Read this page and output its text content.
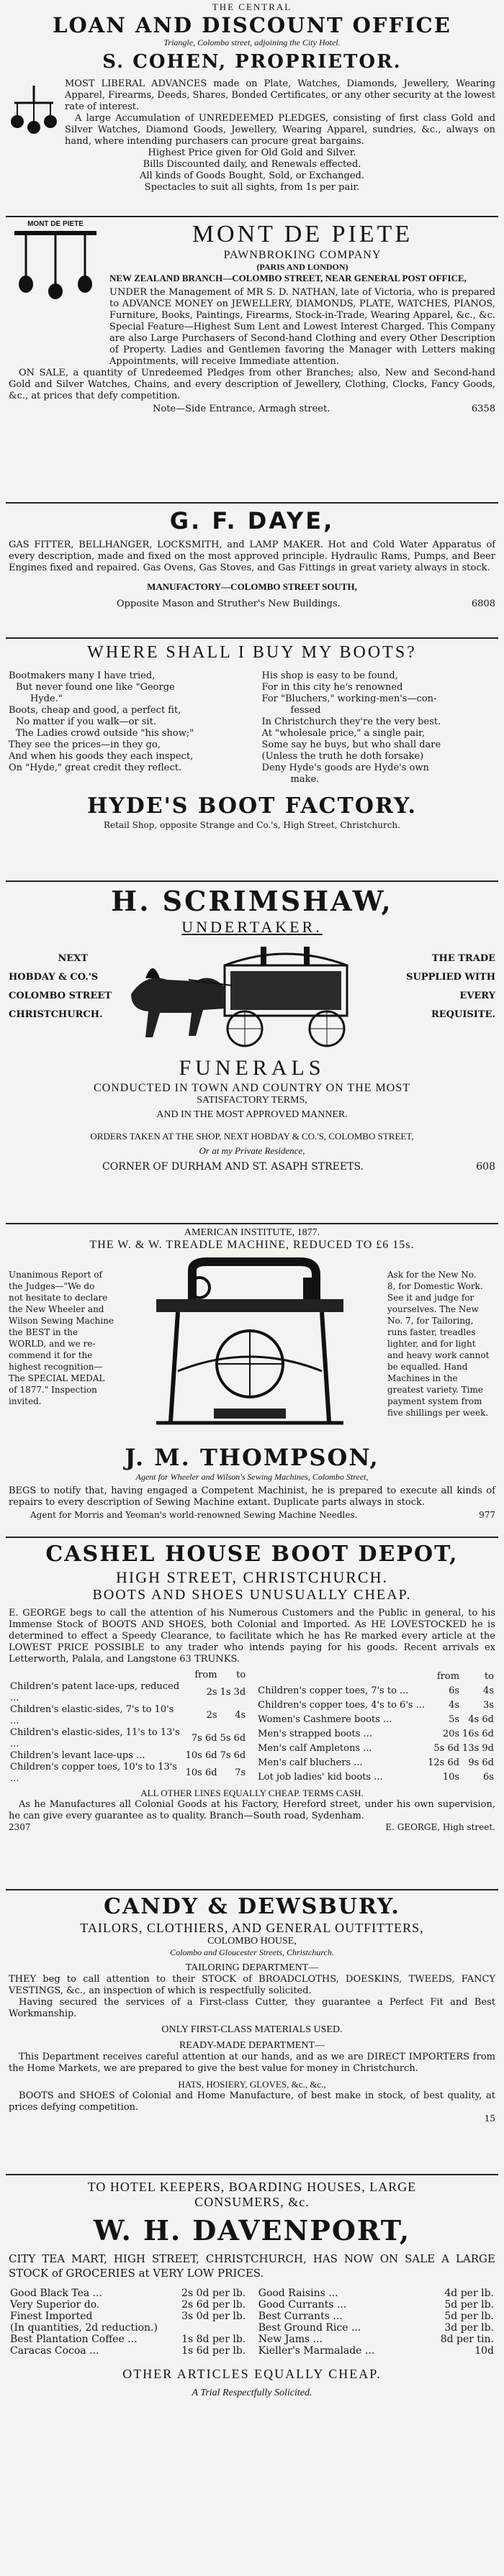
THE CENTRAL
LOAN AND DISCOUNT OFFICE
Triangle, Colombo street, adjoining the City Hotel.
S. COHEN, PROPRIETOR.

MOST LIBERAL ADVANCES made on Plate, Watches, Diamonds, Jewellery, Wearing Apparel, Firearms, Deeds, Shares, Bonded Certificates, or any other security at the lowest rate of interest.

A large Accumulation of UNREDEEMED PLEDGES, consisting of first class Gold and Silver Watches, Diamond Goods, Jewellery, Wearing Apparel, sundries, &c., always on hand, where intending purchasers can procure great bargains.

Highest Price given for Old Gold and Silver.
Bills Discounted daily, and Renewals effected.
All kinds of Goods Bought, Sold, or Exchanged.
Spectacles to suit all sights, from 1s per pair.
MONT DE PIETE	MONT DE PIETE
PAWNBROKING COMPANY
(PARIS AND LONDON)
NEW ZEALAND BRANCH—COLOMBO STREET, NEAR GENERAL POST OFFICE,

UNDER the Management of MR S. D. NATHAN, late of Victoria, who is prepared to ADVANCE MONEY on JEWELLERY, DIAMONDS, PLATE, WATCHES, PIANOS, Furniture, Books, Paintings, Firearms, Stock-in-Trade, Wearing Apparel, &c., &c. Special Feature—Highest Sum Lent and Lowest Interest Charged. This Company are also Large Purchasers of Second-hand Clothing and every Other Description of Property. Ladies and Gentlemen favoring the Manager with Letters making Appointments, will receive Immediate attention.

ON SALE, a quantity of Unredeemed Pledges from other Branches; also, New and Second-hand Gold and Silver Watches, Chains, and every description of Jewellery, Clothing, Clocks, Fancy Goods, &c., at prices that defy competition.

Note—Side Entrance, Armagh street.	6358
G. F. DAYE,

GAS FITTER, BELLHANGER, LOCKSMITH, and LAMP MAKER. Hot and Cold Water Apparatus of every description, made and fixed on the most approved principle. Hydraulic Rams, Pumps, and Beer Engines fixed and repaired. Gas Ovens, Gas Stoves, and Gas Fittings in great variety always in stock.

MANUFACTORY—COLOMBO STREET SOUTH,
Opposite Mason and Struther's New Buildings.	6808
WHERE SHALL I BUY MY BOOTS?
Bootmakers many I have tried,
But never found one like "George
Hyde."
Boots, cheap and good, a perfect fit,
No matter if you walk—or sit.
The Ladies crowd outside "his show;"
They see the prices—in they go,
And when his goods they each inspect,
On "Hyde," great credit they reflect.
His shop is easy to be found,
For in this city he's renowned
For "Bluchers," working-men's—con-
fessed
In Christchurch they're the very best.
At "wholesale price," a single pair,
Some say he buys, but who shall dare
(Unless the truth he doth forsake)
Deny Hyde's goods are Hyde's own
make.
HYDE'S BOOT FACTORY.
Retail Shop, opposite Strange and Co.'s, High Street, Christchurch.
H. SCRIMSHAW,
UNDERTAKER.
NEXT
HOBDAY & CO.'S
COLOMBO STREET
CHRISTCHURCH.
THE TRADE
SUPPLIED WITH
EVERY
REQUISITE.
FUNERALS
CONDUCTED IN TOWN AND COUNTRY ON THE MOST
SATISFACTORY TERMS,
AND IN THE MOST APPROVED MANNER.
ORDERS TAKEN AT THE SHOP, NEXT HOBDAY & CO.'S, COLOMBO STREET,
Or at my Private Residence,
CORNER OF DURHAM AND ST. ASAPH STREETS.	608
AMERICAN INSTITUTE, 1877.
THE W. & W. TREADLE MACHINE, REDUCED TO £6 15s.
Unanimous Report of
the Judges—"We do
not hesitate to declare
the New Wheeler and
Wilson Sewing Machine
the BEST in the
WORLD, and we re-
commend it for the
highest recognition—
The SPECIAL MEDAL
of 1877." Inspection
invited.
Ask for the New No.
8, for Domestic Work.
See it and judge for
yourselves. The New
No. 7, for Tailoring,
runs faster, treadles
lighter, and for light
and heavy work cannot
be equalled. Hand
Machines in the
greatest variety. Time
payment system from
five shillings per week.
J. M. THOMPSON,
Agent for Wheeler and Wilson's Sewing Machines, Colombo Street,

BEGS to notify that, having engaged a Competent Machinist, he is prepared to execute all kinds of repairs to every description of Sewing Machine extant. Duplicate parts always in stock.

Agent for Morris and Yeoman's world-renowned Sewing Machine Needles.	977
CASHEL HOUSE BOOT DEPOT,
HIGH STREET, CHRISTCHURCH.
BOOTS AND SHOES UNUSUALLY CHEAP.

E. GEORGE begs to call the attention of his Numerous Customers and the Public in general, to his Immense Stock of BOOTS AND SHOES, both Colonial and Imported. As HE LOVESTOCKED he is determined to effect a Speedy Clearance, to facilitate which he has Re marked every article at the LOWEST PRICE POSSIBLE to any trader who intends paying for his goods. Recent arrivals ex Letterworth, Palala, and Langstone 63 TRUNKS.

	from	to
Children's patent lace-ups, reduced ...	2s	1s 3d
Children's elastic-sides, 7's to 10's ...	2s	4s
Children's elastic-sides, 11's to 13's ...	7s 6d	5s 6d
Children's levant lace-ups ...	10s 6d	7s 6d
Children's copper toes, 10's to 13's ...	10s 6d	7s
	from	to
Children's copper toes, 7's to ...	6s	4s
Children's copper toes, 4's to 6's ...	4s	3s
Women's Cashmere boots ...	5s	4s 6d
Men's strapped boots ...	20s	16s 6d
Men's calf Ampletons ...	5s 6d	13s 9d
Men's calf bluchers ...	12s 6d	9s 6d
Lot job ladies' kid boots ...	10s	6s
ALL OTHER LINES EQUALLY CHEAP. TERMS CASH.

As he Manufactures all Colonial Goods at his Factory, Hereford street, under his own supervision, he can give every guarantee as to quality. Branch—South road, Sydenham.

2307	E. GEORGE, High street.
CANDY & DEWSBURY.
TAILORS, CLOTHIERS, AND GENERAL OUTFITTERS,
COLOMBO HOUSE,
Colombo and Gloucester Streets, Christchurch.
TAILORING DEPARTMENT—

THEY beg to call attention to their STOCK of BROADCLOTHS, DOESKINS, TWEEDS, FANCY VESTINGS, &c., an inspection of which is respectfully solicited.

Having secured the services of a First-class Cutter, they guarantee a Perfect Fit and Best Workmanship.

ONLY FIRST-CLASS MATERIALS USED.
READY-MADE DEPARTMENT—

This Department receives careful attention at our hands, and as we are DIRECT IMPORTERS from the Home Markets, we are prepared to give the best value for money in Christchurch.

HATS, HOSIERY, GLOVES, &c., &c.,

BOOTS and SHOES of Colonial and Home Manufacture, of best make in stock, of best quality, at prices defying competition.

15
TO HOTEL KEEPERS, BOARDING HOUSES, LARGE
CONSUMERS, &c.
W. H. DAVENPORT,

CITY TEA MART, HIGH STREET, CHRISTCHURCH, HAS NOW ON SALE A LARGE STOCK of GROCERIES at VERY LOW PRICES.

Good Black Tea ...	2s 0d per lb.
Very Superior do.	2s 6d per lb.
Finest Imported	3s 0d per lb.
(In quantities, 2d reduction.)	
Best Plantation Coffee ...	1s 8d per lb.
Caracas Cocoa ...	1s 6d per lb.
Good Raisins ...	4d per lb.
Good Currants ...	5d per lb.
Best Currants ...	5d per lb.
Best Ground Rice ...	3d per lb.
New Jams ...	8d per tin.
Kieller's Marmalade ...	10d
OTHER ARTICLES EQUALLY CHEAP.
A Trial Respectfully Solicited.
